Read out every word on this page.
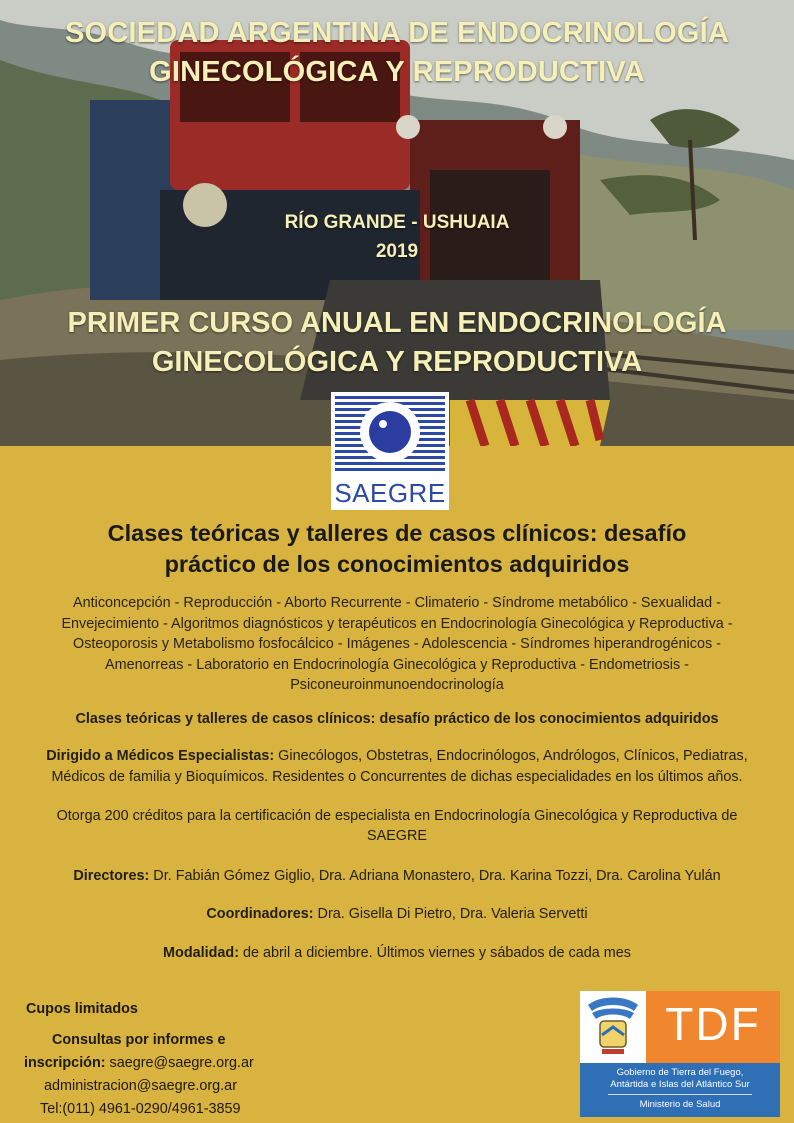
SOCIEDAD ARGENTINA DE ENDOCRINOLOGÍA
GINECOLÓGICA Y REPRODUCTIVA
RÍO GRANDE - USHUAIA
2019
PRIMER CURSO ANUAL EN ENDOCRINOLOGÍA
GINECOLÓGICA Y REPRODUCTIVA
SAEGRE
Clases teóricas y talleres de casos clínicos: desafío
práctico de los conocimientos adquiridos
Anticoncepción - Reproducción - Aborto Recurrente - Climaterio - Síndrome metabólico - Sexualidad -
Envejecimiento - Algoritmos diagnósticos y terapéuticos en Endocrinología Ginecológica y Reproductiva -
Osteoporosis y Metabolismo fosfocálcico - Imágenes - Adolescencia - Síndromes hiperandrogénicos -
Amenorreas - Laboratorio en Endocrinología Ginecológica y Reproductiva - Endometriosis -
Psiconeuroinmunoendocrinología
Clases teóricas y talleres de casos clínicos: desafío práctico de los conocimientos adquiridos
Dirigido a Médicos Especialistas: Ginecólogos, Obstetras, Endocrinólogos, Andrólogos, Clínicos, Pediatras,
Médicos de familia y Bioquímicos. Residentes o Concurrentes de dichas especialidades en los últimos años.
Otorga 200 créditos para la certificación de especialista en Endocrinología Ginecológica y Reproductiva de
SAEGRE
Directores: Dr. Fabián Gómez Giglio, Dra. Adriana Monastero, Dra. Karina Tozzi, Dra. Carolina Yulán
Coordinadores: Dra. Gisella Di Pietro, Dra. Valeria Servetti
Modalidad: de abril a diciembre. Últimos viernes y sábados de cada mes
Cupos limitados
Consultas por informes e
inscripción: saegre@saegre.org.ar
administracion@saegre.org.ar
Tel:(011) 4961-0290/4961-3859
TDF
Gobierno de Tierra del Fuego,
Antártida e Islas del Atlántico Sur
Ministerio de Salud
